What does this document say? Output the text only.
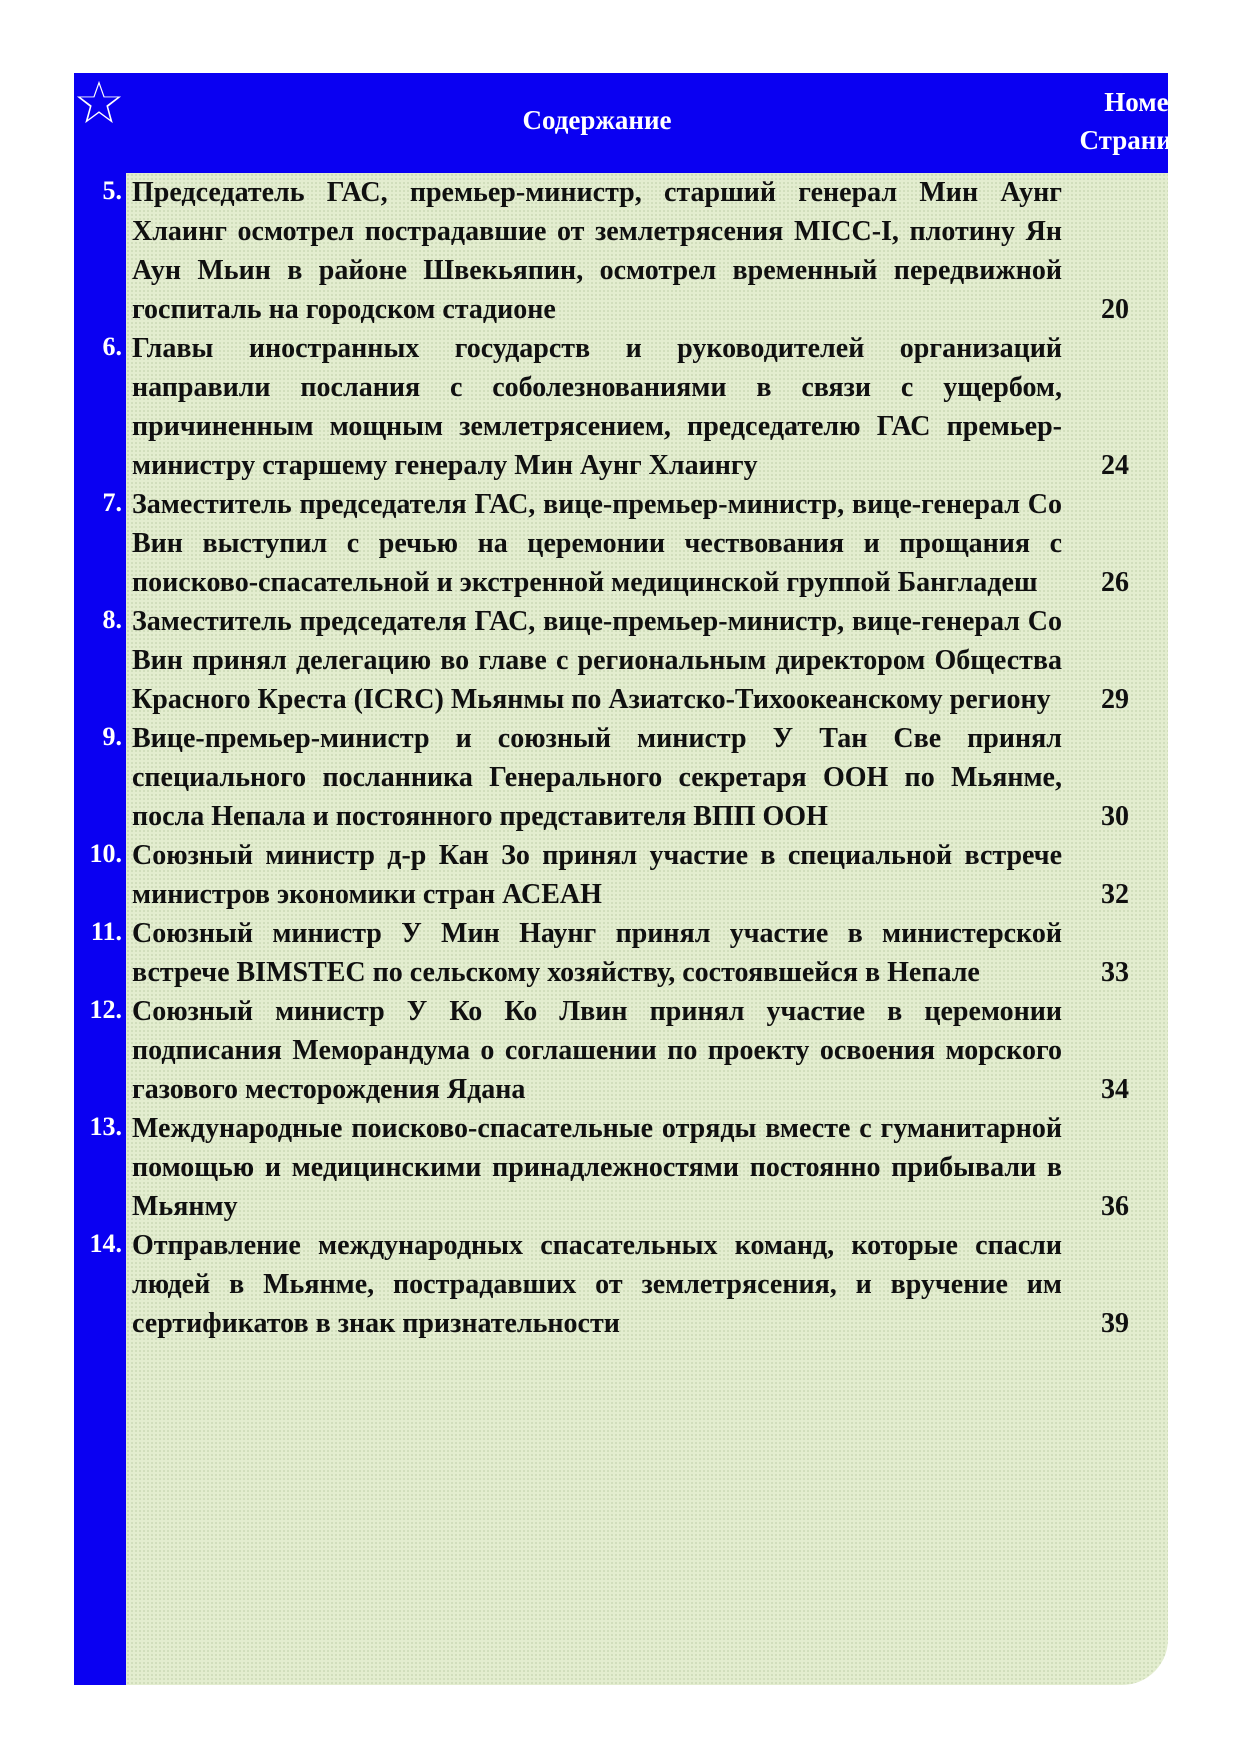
Содержание
Номер Страницы
5. Председатель ГАС, премьер-министр, старший генерал Мин Аунг Хлаинг осмотрел пострадавшие от землетрясения MICC-I, плотину Ян Аун Мьин в районе Швекьяпин, осмотрел временный передвижной госпиталь на городском стадионе	20
6. Главы иностранных государств и руководителей организаций направили послания с соболезнованиями в связи с ущербом, причиненным мощным землетрясением, председателю ГАС премьер-министру старшему генералу Мин Аунг Хлаингу	24
7. Заместитель председателя ГАС, вице-премьер-министр, вице-генерал Со Вин выступил с речью на церемонии чествования и прощания с поисково-спасательной и экстренной медицинской группой Бангладеш	26
8. Заместитель председателя ГАС, вице-премьер-министр, вице-генерал Со Вин принял делегацию во главе с региональным директором Общества Красного Креста (ICRC) Мьянмы по Азиатско-Тихоокеанскому региону	29
9. Вице-премьер-министр и союзный министр У Тан Све принял специального посланника Генерального секретаря ООН по Мьянме, посла Непала и постоянного представителя ВПП ООН	30
10. Союзный министр д-р Кан Зо принял участие в специальной встрече министров экономики стран АСЕАН	32
11. Союзный министр У Мин Наунг принял участие в министерской встрече BIMSTEC по сельскому хозяйству, состоявшейся в Непале	33
12. Союзный министр У Ко Ко Лвин принял участие в церемонии подписания Меморандума о соглашении по проекту освоения морского газового месторождения Ядана	34
13. Международные поисково-спасательные отряды вместе с гуманитарной помощью и медицинскими принадлежностями постоянно прибывали в Мьянму	36
14. Отправление международных спасательных команд, которые спасли людей в Мьянме, пострадавших от землетрясения, и вручение им сертификатов в знак признательности	39
